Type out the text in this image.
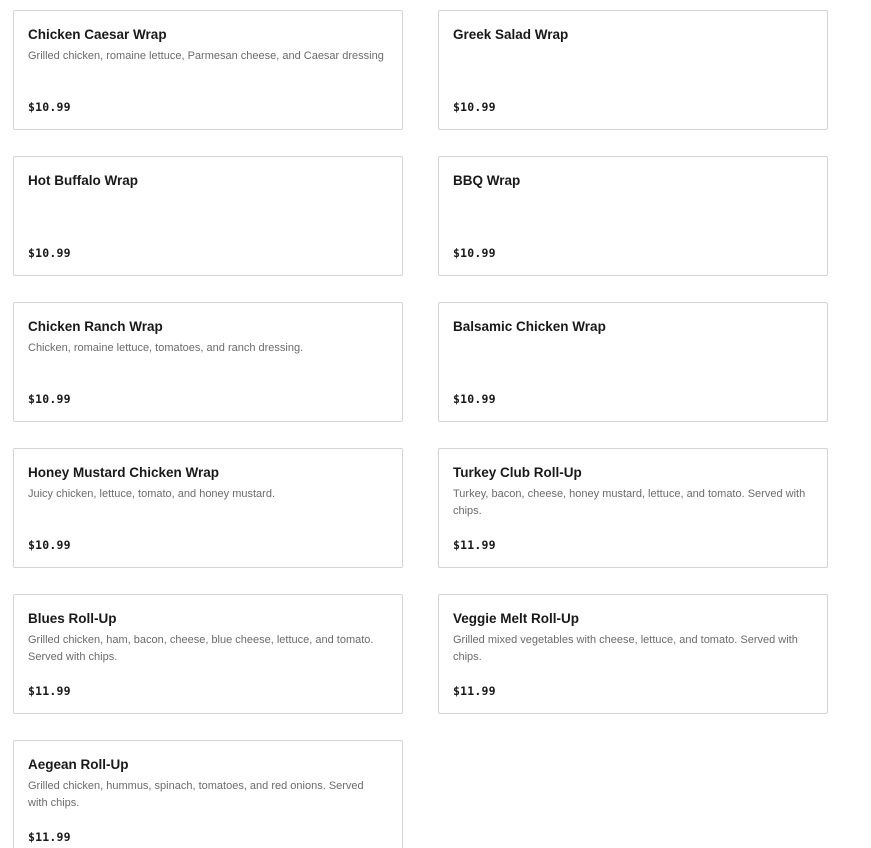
Chicken Caesar Wrap
Grilled chicken, romaine lettuce, Parmesan cheese, and Caesar dressing
$10.99
Greek Salad Wrap
$10.99
Hot Buffalo Wrap
$10.99
BBQ Wrap
$10.99
Chicken Ranch Wrap
Chicken, romaine lettuce, tomatoes, and ranch dressing.
$10.99
Balsamic Chicken Wrap
$10.99
Honey Mustard Chicken Wrap
Juicy chicken, lettuce, tomato, and honey mustard.
$10.99
Turkey Club Roll-Up
Turkey, bacon, cheese, honey mustard, lettuce, and tomato. Served with chips.
$11.99
Blues Roll-Up
Grilled chicken, ham, bacon, cheese, blue cheese, lettuce, and tomato. Served with chips.
$11.99
Veggie Melt Roll-Up
Grilled mixed vegetables with cheese, lettuce, and tomato. Served with chips.
$11.99
Aegean Roll-Up
Grilled chicken, hummus, spinach, tomatoes, and red onions. Served with chips.
$11.99
